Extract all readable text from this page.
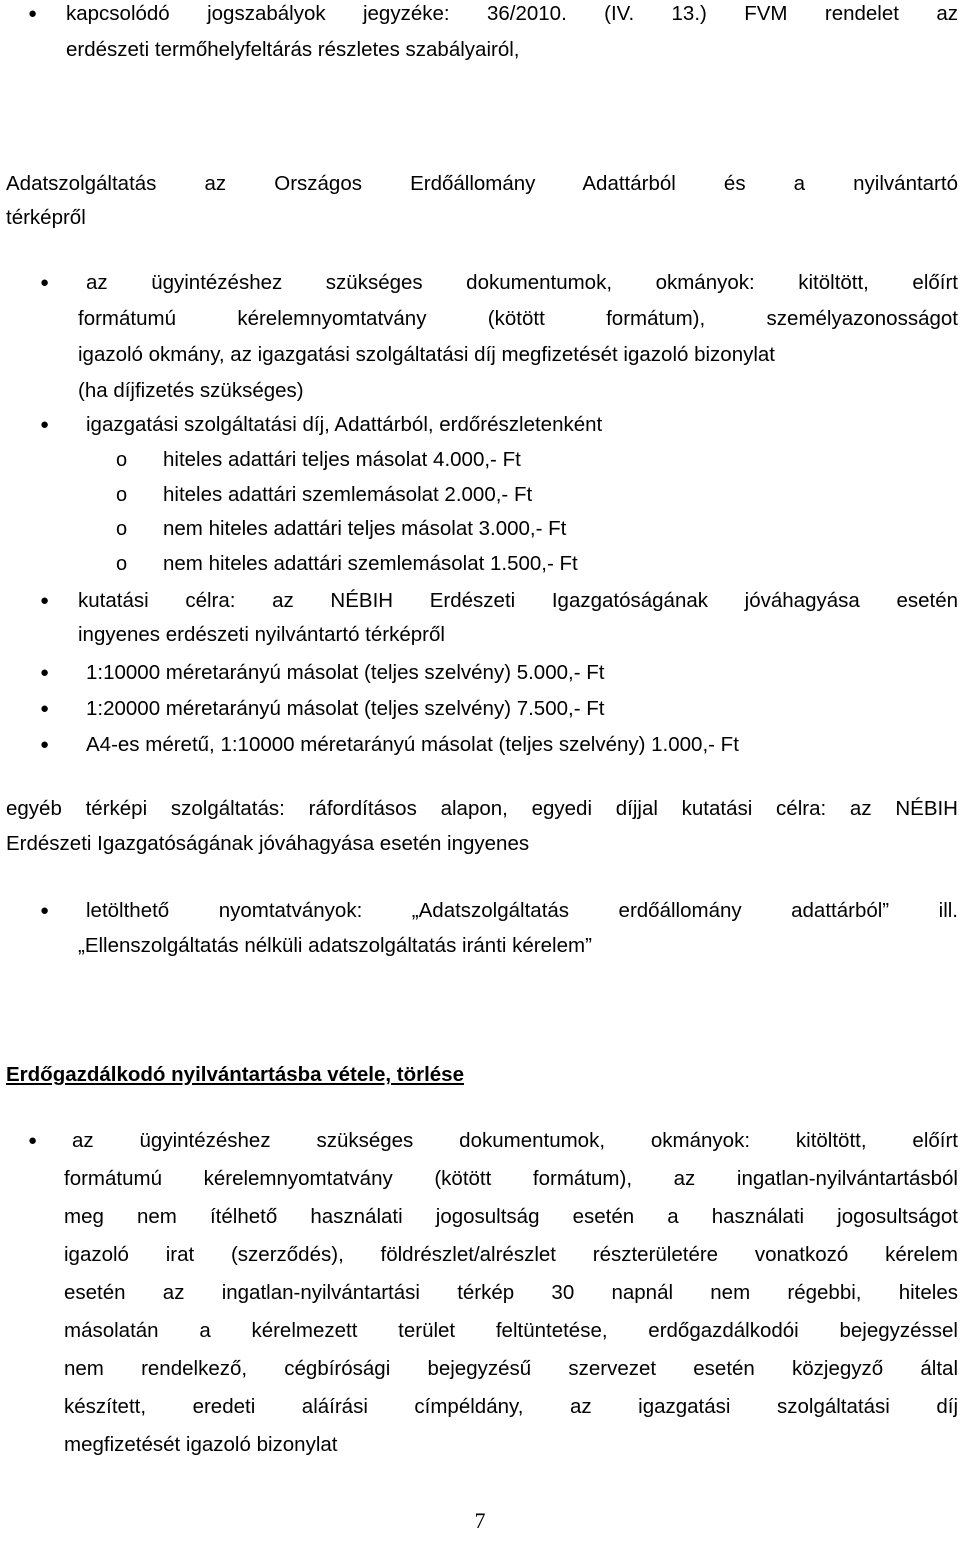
● kapcsolódó jogszabályok jegyzéke: 36/2010. (IV. 13.) FVM rendelet az
erdészeti termőhelyfeltárás részletes szabályairól,
Adatszolgáltatás az Országos Erdőállomány Adattárból és a nyilvántartó
térképről
● az ügyintézéshez szükséges dokumentumok, okmányok: kitöltött, előírt
formátumú kérelemnyomtatvány (kötött formátum), személyazonosságot
igazoló okmány, az igazgatási szolgáltatási díj megfizetését igazoló bizonylat
(ha díjfizetés szükséges)
● igazgatási szolgáltatási díj, Adattárból, erdőrészletenként
o hiteles adattári teljes másolat 4.000,- Ft
o hiteles adattári szemlemásolat 2.000,- Ft
o nem hiteles adattári teljes másolat 3.000,- Ft
o nem hiteles adattári szemlemásolat 1.500,- Ft
● kutatási célra: az NÉBIH Erdészeti Igazgatóságának jóváhagyása esetén
ingyenes erdészeti nyilvántartó térképről
● 1:10000 méretarányú másolat (teljes szelvény) 5.000,- Ft
● 1:20000 méretarányú másolat (teljes szelvény) 7.500,- Ft
● A4-es méretű, 1:10000 méretarányú másolat (teljes szelvény) 1.000,- Ft
egyéb térképi szolgáltatás: ráfordításos alapon, egyedi díjjal kutatási célra: az NÉBIH
Erdészeti Igazgatóságának jóváhagyása esetén ingyenes
● letölthető nyomtatványok: „Adatszolgáltatás erdőállomány adattárból” ill.
„Ellenszolgáltatás nélküli adatszolgáltatás iránti kérelem”
Erdőgazdálkodó nyilvántartásba vétele, törlése
● az ügyintézéshez szükséges dokumentumok, okmányok: kitöltött, előírt
formátumú kérelemnyomtatvány (kötött formátum), az ingatlan-nyilvántartásból
meg nem ítélhető használati jogosultság esetén a használati jogosultságot
igazoló irat (szerződés), földrészlet/alrészlet részterületére vonatkozó kérelem
esetén az ingatlan-nyilvántartási térkép 30 napnál nem régebbi, hiteles
másolatán a kérelmezett terület feltüntetése, erdőgazdálkodói bejegyzéssel
nem rendelkező, cégbírósági bejegyzésű szervezet esetén közjegyző által
készített, eredeti aláírási címpéldány, az igazgatási szolgáltatási díj
megfizetését igazoló bizonylat
7
